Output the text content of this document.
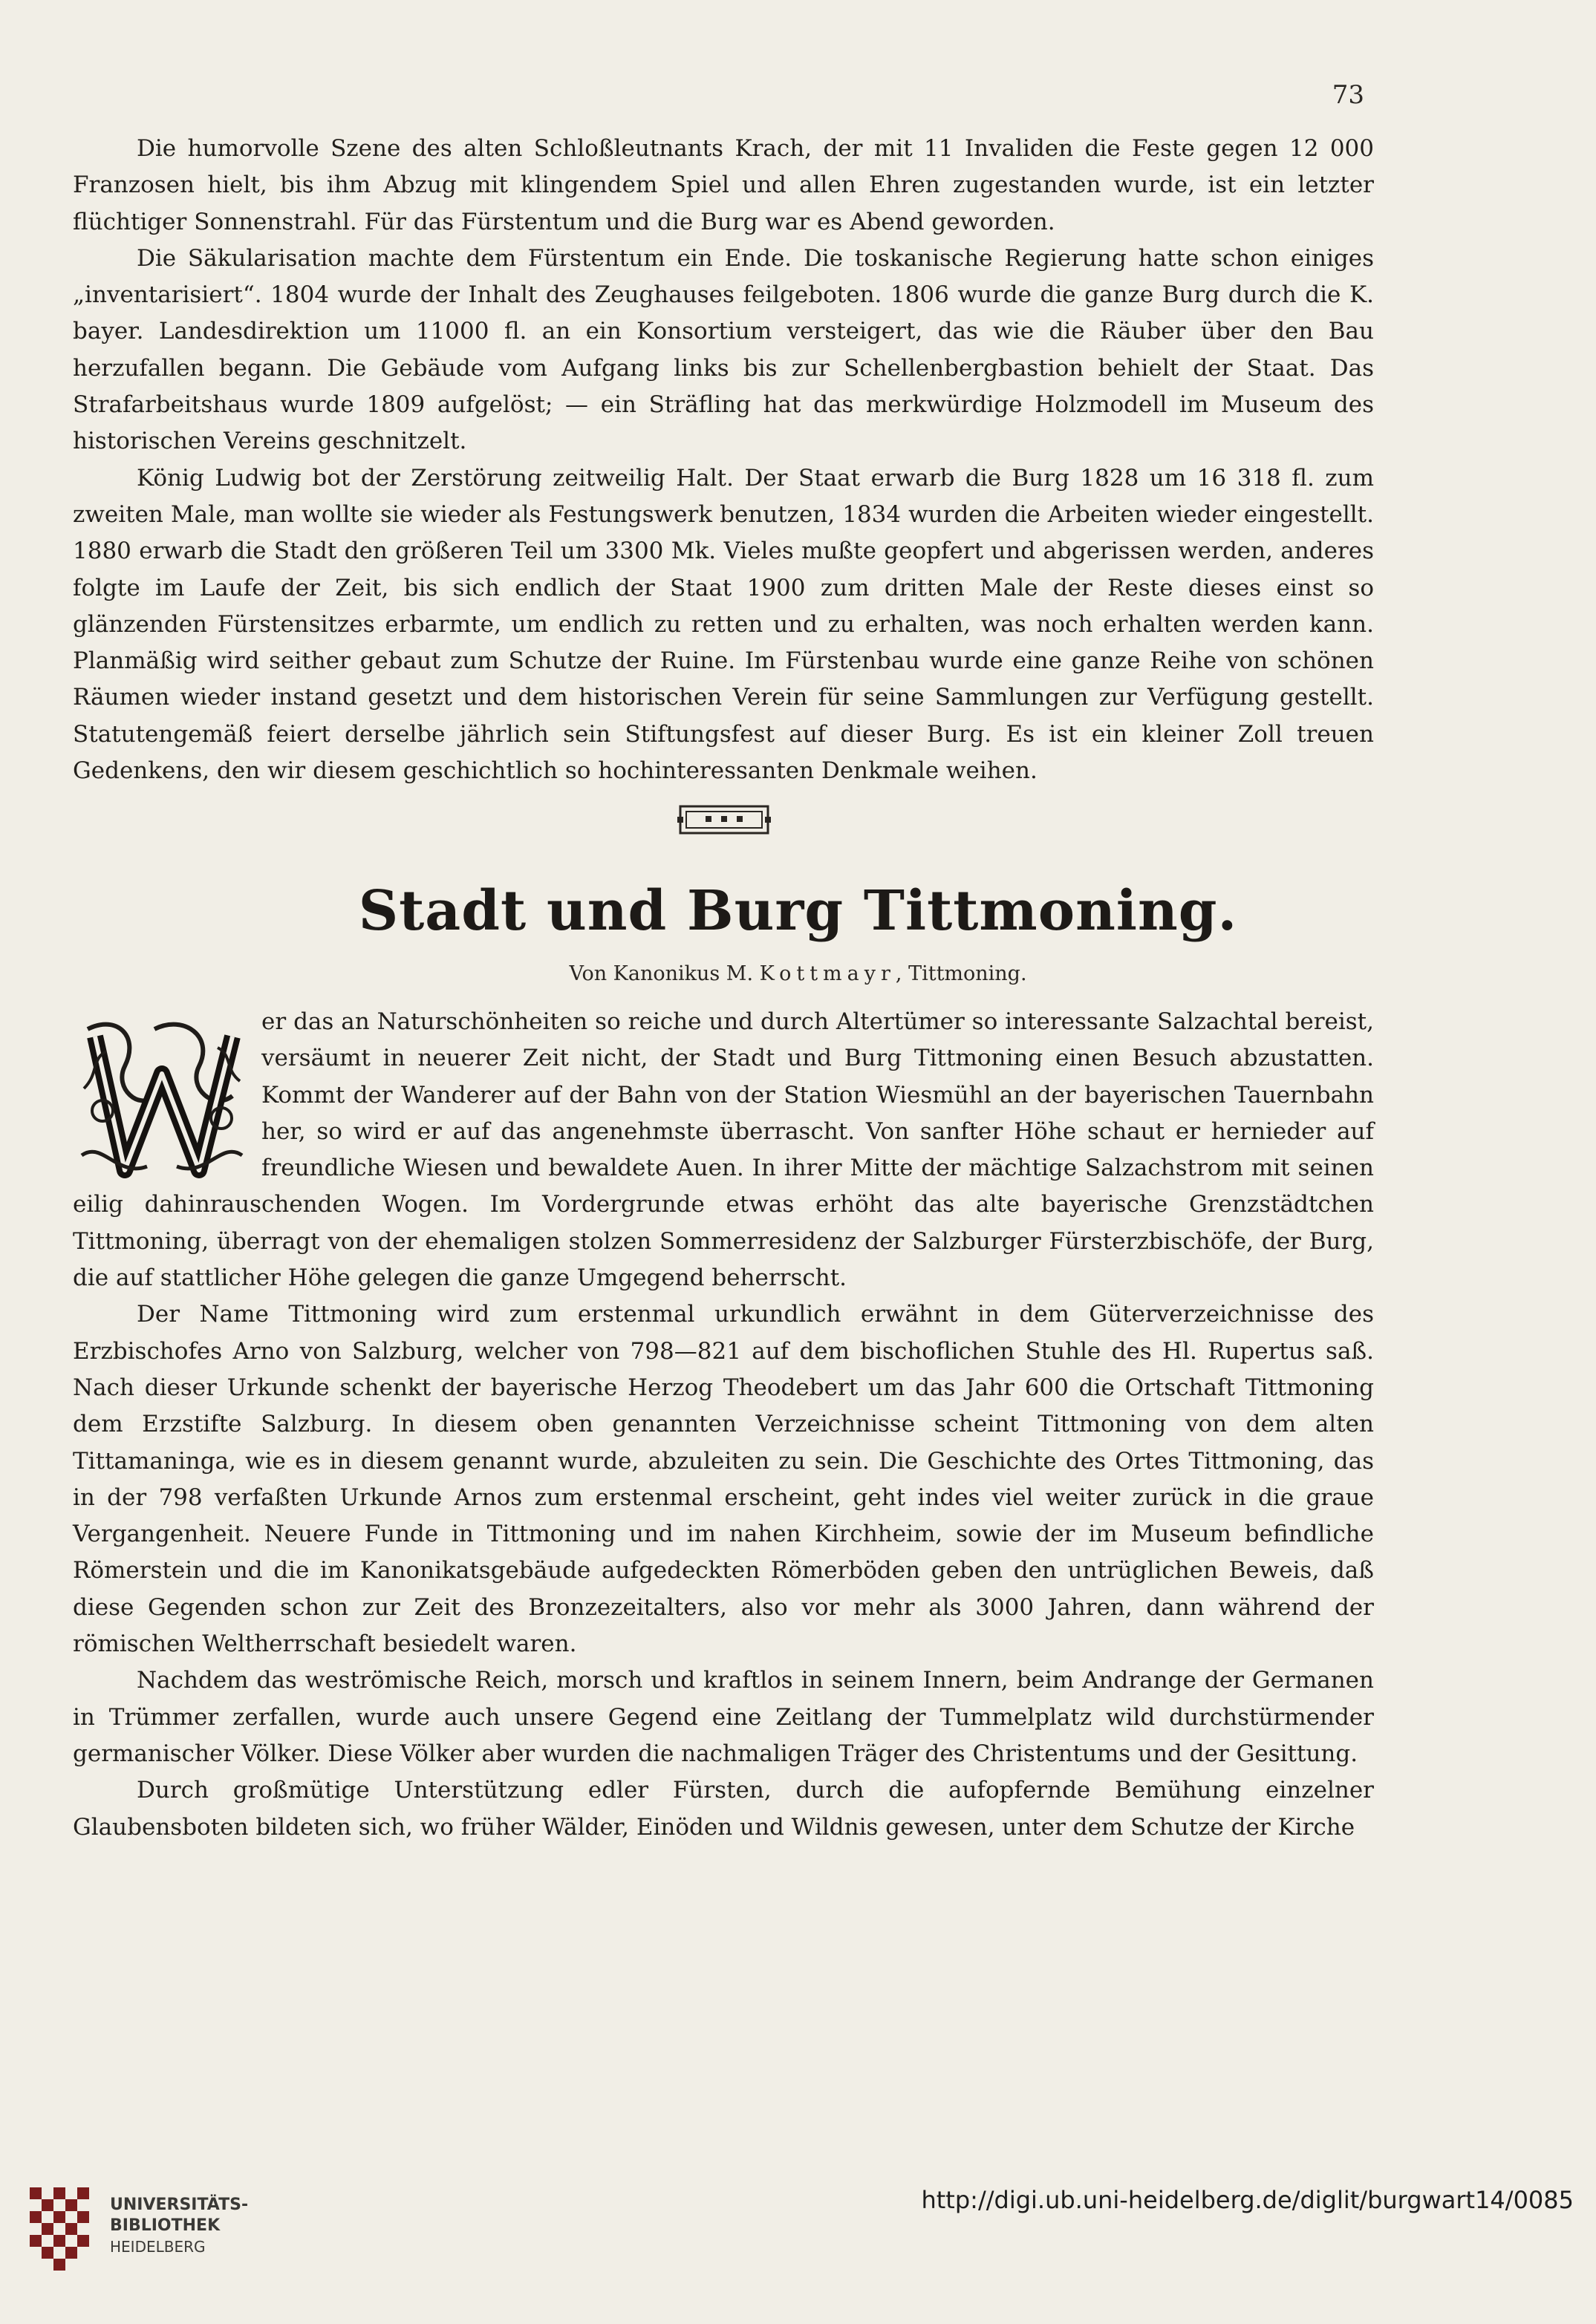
73

Die humorvolle Szene des alten Schloßleutnants Krach, der mit 11 Invaliden die Feste gegen 12 000 Franzosen hielt, bis ihm Abzug mit klingendem Spiel und allen Ehren zugestanden wurde, ist ein letzter flüchtiger Sonnenstrahl. Für das Fürstentum und die Burg war es Abend geworden.

Die Säkularisation machte dem Fürstentum ein Ende. Die toskanische Regierung hatte schon einiges „inventarisiert“. 1804 wurde der Inhalt des Zeughauses feilgeboten. 1806 wurde die ganze Burg durch die K. bayer. Landesdirektion um 11000 fl. an ein Konsortium versteigert, das wie die Räuber über den Bau herzufallen begann. Die Gebäude vom Aufgang links bis zur Schellenbergbastion behielt der Staat. Das Strafarbeitshaus wurde 1809 aufgelöst; — ein Sträfling hat das merkwürdige Holzmodell im Museum des historischen Vereins geschnitzelt.

König Ludwig bot der Zerstörung zeitweilig Halt. Der Staat erwarb die Burg 1828 um 16 318 fl. zum zweiten Male, man wollte sie wieder als Festungswerk benutzen, 1834 wurden die Arbeiten wieder eingestellt. 1880 erwarb die Stadt den größeren Teil um 3300 Mk. Vieles mußte geopfert und abgerissen werden, anderes folgte im Laufe der Zeit, bis sich endlich der Staat 1900 zum dritten Male der Reste dieses einst so glänzenden Fürstensitzes erbarmte, um endlich zu retten und zu erhalten, was noch erhalten werden kann. Planmäßig wird seither gebaut zum Schutze der Ruine. Im Fürstenbau wurde eine ganze Reihe von schönen Räumen wieder instand gesetzt und dem historischen Verein für seine Sammlungen zur Verfügung gestellt. Statutengemäß feiert derselbe jährlich sein Stiftungsfest auf dieser Burg. Es ist ein kleiner Zoll treuen Gedenkens, den wir diesem geschichtlich so hochinteressanten Denkmale weihen.

Stadt und Burg Tittmoning.
Von Kanonikus M. Kottmayr, Tittmoning.

er das an Naturschönheiten so reiche und durch Altertümer so interessante Salzachtal bereist, versäumt in neuerer Zeit nicht, der Stadt und Burg Tittmoning einen Besuch abzustatten. Kommt der Wanderer auf der Bahn von der Station Wiesmühl an der bayerischen Tauernbahn her, so wird er auf das angenehmste überrascht. Von sanfter Höhe schaut er hernieder auf freundliche Wiesen und bewaldete Auen. In ihrer Mitte der mächtige Salzachstrom mit seinen eilig dahinrauschenden Wogen. Im Vordergrunde etwas erhöht das alte bayerische Grenzstädtchen Tittmoning, überragt von der ehemaligen stolzen Sommerresidenz der Salzburger Fürsterzbischöfe, der Burg, die auf stattlicher Höhe gelegen die ganze Umgegend beherrscht.

Der Name Tittmoning wird zum erstenmal urkundlich erwähnt in dem Güterverzeichnisse des Erzbischofes Arno von Salzburg, welcher von 798—821 auf dem bischoflichen Stuhle des Hl. Rupertus saß. Nach dieser Urkunde schenkt der bayerische Herzog Theodebert um das Jahr 600 die Ortschaft Tittmoning dem Erzstifte Salzburg. In diesem oben genannten Verzeichnisse scheint Tittmoning von dem alten Tittamaninga, wie es in diesem genannt wurde, abzuleiten zu sein. Die Geschichte des Ortes Tittmoning, das in der 798 verfaßten Urkunde Arnos zum erstenmal erscheint, geht indes viel weiter zurück in die graue Vergangenheit. Neuere Funde in Tittmoning und im nahen Kirchheim, sowie der im Museum befindliche Römerstein und die im Kanonikatsgebäude aufgedeckten Römerböden geben den untrüglichen Beweis, daß diese Gegenden schon zur Zeit des Bronzezeitalters, also vor mehr als 3000 Jahren, dann während der römischen Weltherrschaft besiedelt waren.

Nachdem das weströmische Reich, morsch und kraftlos in seinem Innern, beim Andrange der Germanen in Trümmer zerfallen, wurde auch unsere Gegend eine Zeitlang der Tummelplatz wild durchstürmender germanischer Völker. Diese Völker aber wurden die nachmaligen Träger des Christentums und der Gesittung.

Durch großmütige Unterstützung edler Fürsten, durch die aufopfernde Bemühung einzelner Glaubensboten bildeten sich, wo früher Wälder, Einöden und Wildnis gewesen, unter dem Schutze der Kirche

UNIVERSITÄTS-
BIBLIOTHEK
HEIDELBERG
http://digi.ub.uni-heidelberg.de/diglit/burgwart14/0085
